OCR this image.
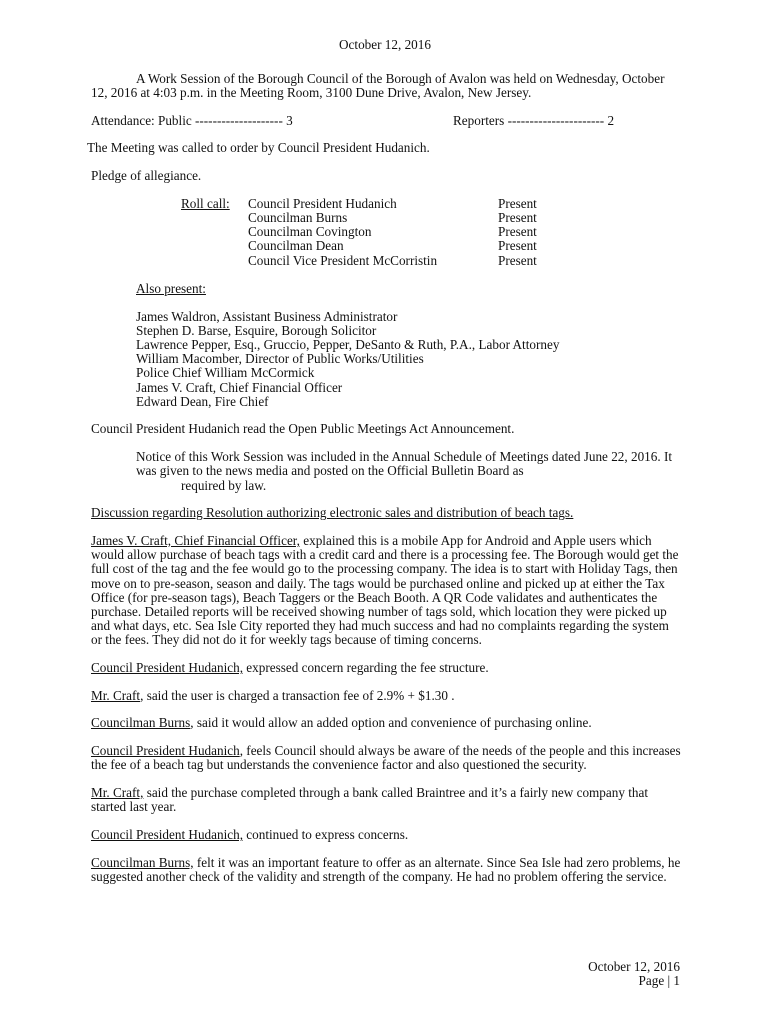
October 12, 2016

A Work Session of the Borough Council of the Borough of Avalon was held on Wednesday, October 12, 2016 at 4:03 p.m. in the Meeting Room, 3100 Dune Drive, Avalon, New Jersey.

Attendance: Public -------------------- 3	Reporters ---------------------- 2

The Meeting was called to order by Council President Hudanich.

Pledge of allegiance.

Roll call: Council President Hudanich
Councilman Burns
Councilman Covington
Councilman Dean
Council Vice President McCorristin
Present
Present
Present
Present
Present

Also present:

James Waldron, Assistant Business Administrator
Stephen D. Barse, Esquire, Borough Solicitor
Lawrence Pepper, Esq., Gruccio, Pepper, DeSanto & Ruth, P.A., Labor Attorney
William Macomber, Director of Public Works/Utilities
Police Chief William McCormick
James V. Craft, Chief Financial Officer
Edward Dean, Fire Chief

Council President Hudanich read the Open Public Meetings Act Announcement.

Notice of this Work Session was included in the Annual Schedule of Meetings dated June 22, 2016. It was given to the news media and posted on the Official Bulletin Board as
required by law.

Discussion regarding Resolution authorizing electronic sales and distribution of beach tags.

James V. Craft, Chief Financial Officer, explained this is a mobile App for Android and Apple users which would allow purchase of beach tags with a credit card and there is a processing fee. The Borough would get the full cost of the tag and the fee would go to the processing company. The idea is to start with Holiday Tags, then move on to pre-season, season and daily. The tags would be purchased online and picked up at either the Tax Office (for pre-season tags), Beach Taggers or the Beach Booth. A QR Code validates and authenticates the purchase. Detailed reports will be received showing number of tags sold, which location they were picked up and what days, etc. Sea Isle City reported they had much success and had no complaints regarding the system or the fees. They did not do it for weekly tags because of timing concerns.

Council President Hudanich, expressed concern regarding the fee structure.

Mr. Craft, said the user is charged a transaction fee of 2.9% + $1.30 .

Councilman Burns, said it would allow an added option and convenience of purchasing online.

Council President Hudanich, feels Council should always be aware of the needs of the people and this increases the fee of a beach tag but understands the convenience factor and also questioned the security.

Mr. Craft, said the purchase completed through a bank called Braintree and it’s a fairly new company that started last year.

Council President Hudanich, continued to express concerns.

Councilman Burns, felt it was an important feature to offer as an alternate. Since Sea Isle had zero problems, he suggested another check of the validity and strength of the company. He had no problem offering the service.

October 12, 2016
Page | 1
